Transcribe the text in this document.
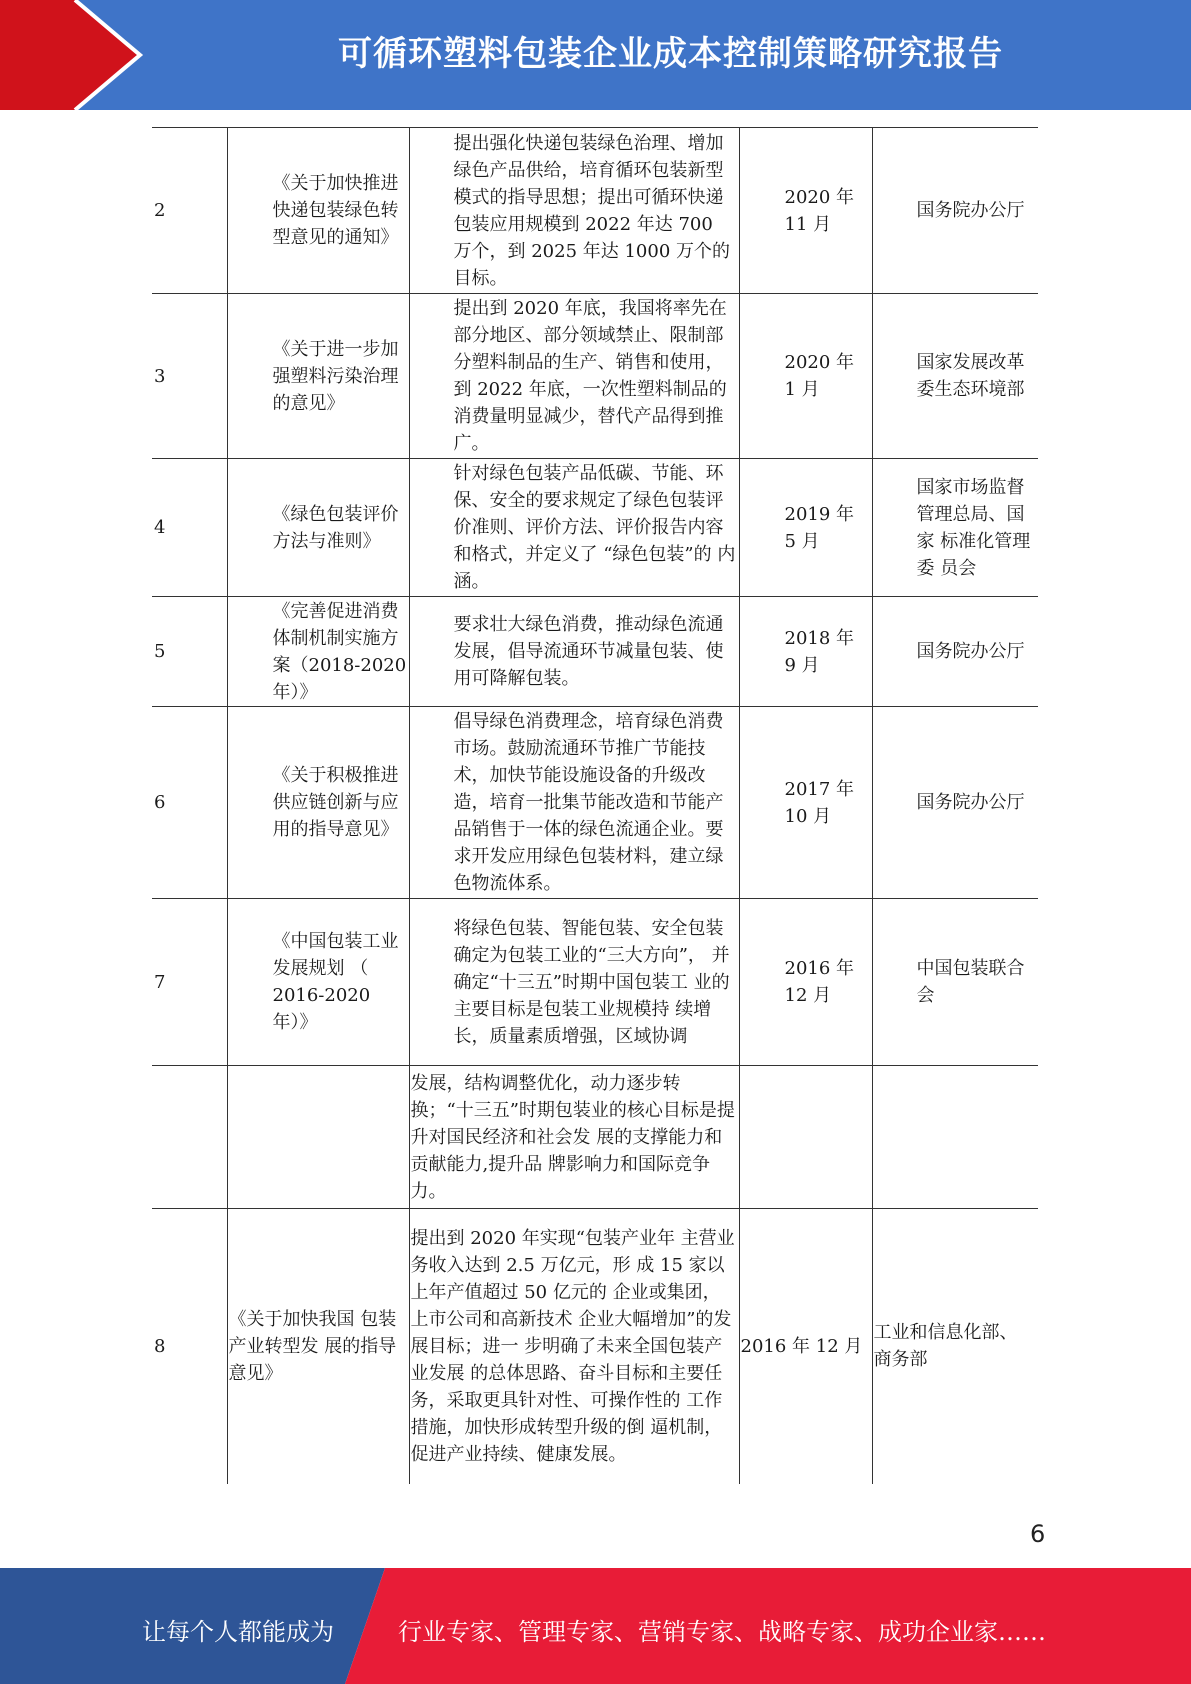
可循环塑料包装企业成本控制策略研究报告
2	《关于加快推进 快递包装绿色转 型意见的通知》	提出强化快递包装绿色治理、增加 绿色产品供给，培育循环包装新型 模式的指导思想；提出可循环快递包装应用规模到 2022 年达 700 万个，到 2025 年达 1000 万个的目标。	2020 年 11 月	国务院办公厅
3	《关于进一步加 强塑料污染治理 的意见》	提出到 2020 年底，我国将率先在部分地区、部分领域禁止、限制部 分塑料制品的生产、销售和使用， 到 2022 年底，一次性塑料制品的 消费量明显减少，替代产品得到推 广。	2020 年 1 月	国家发展改革委生态环境部
4	《绿色包装评价 方法与准则》	针对绿色包装产品低碳、节能、环 保、安全的要求规定了绿色包装评 价准则、评价方法、评价报告内容 和格式，并定义了 “绿色包装”的 内涵。	2019 年 5 月	国家市场监督管理总局、国家 标准化管理委 员会
5	《完善促进消费 体制机制实施方 案（2018-2020 年）》	要求壮大绿色消费，推动绿色流通 发展，倡导流通环节减量包装、使 用可降解包装。	2018 年 9 月	国务院办公厅
6	《关于积极推进 供应链创新与应 用的指导意见》	倡导绿色消费理念，培育绿色消费 市场。鼓励流通环节推广节能技 术，加快节能设施设备的升级改 造，培育一批集节能改造和节能产 品销售于一体的绿色流通企业。要 求开发应用绿色包装材料，建立绿 色物流体系。	2017 年 10 月	国务院办公厅
7	《中国包装工业 发展规划 （ 2016-2020 年）》	将绿色包装、智能包装、安全包装 确定为包装工业的“三大方向”， 并确定“十三五”时期中国包装工 业的主要目标是包装工业规模持 续增长，质量素质增强，区域协调	2016 年 12 月	中国包装联合会
		发展，结构调整优化，动力逐步转换；“十三五”时期包装业的核心目标是提升对国民经济和社会发 展的支撑能力和贡献能力,提升品 牌影响力和国际竞争力。		
8	《关于加快我国 包装产业转型发 展的指导意见》	提出到 2020 年实现“包装产业年 主营业务收入达到 2.5 万亿元，形 成 15 家以上年产值超过 50 亿元的 企业或集团，上市公司和高新技术 企业大幅增加”的发展目标；进一 步明确了未来全国包装产业发展 的总体思路、奋斗目标和主要任 务，采取更具针对性、可操作性的 工作措施，加快形成转型升级的倒 逼机制，促进产业持续、健康发展。	2016 年 12 月	工业和信息化部、商务部
6
让每个人都能成为	行业专家、管理专家、营销专家、战略专家、成功企业家……
